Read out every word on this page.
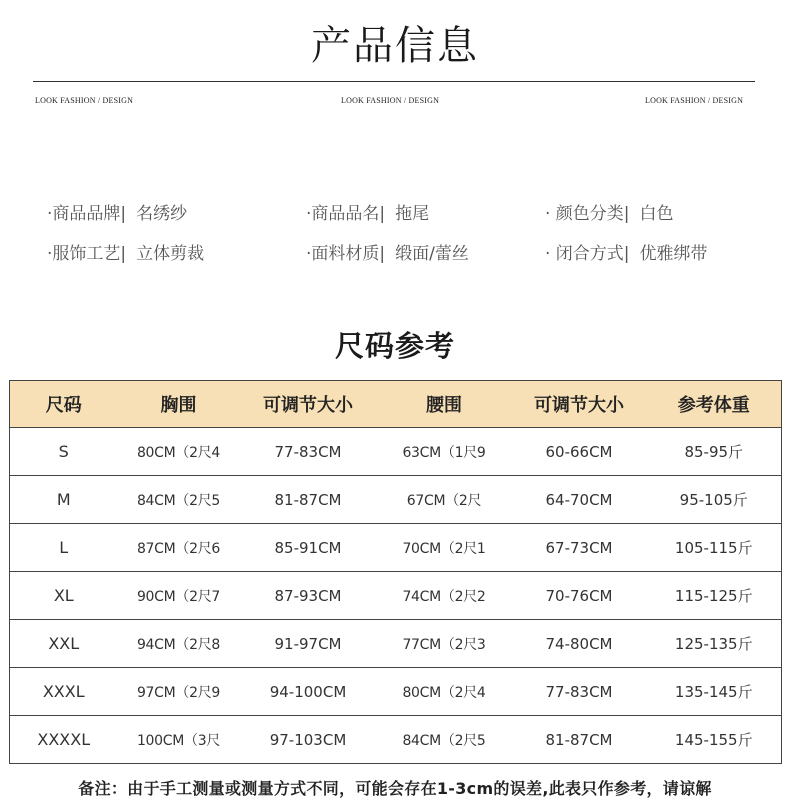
产品信息
LOOK FASHION / DESIGN	LOOK FASHION / DESIGN	LOOK FASHION / DESIGN
·商品品牌| 名绣纱	·商品品名| 拖尾	· 颜色分类| 白色
·服饰工艺| 立体剪裁	·面料材质| 缎面/蕾丝	· 闭合方式| 优雅绑带
尺码参考
尺码	胸围	可调节大小	腰围	可调节大小	参考体重
S	80CM（2尺4	77-83CM	63CM（1尺9	60-66CM	85-95斤
M	84CM（2尺5	81-87CM	67CM（2尺	64-70CM	95-105斤
L	87CM（2尺6	85-91CM	70CM（2尺1	67-73CM	105-115斤
XL	90CM（2尺7	87-93CM	74CM（2尺2	70-76CM	115-125斤
XXL	94CM（2尺8	91-97CM	77CM（2尺3	74-80CM	125-135斤
XXXL	97CM（2尺9	94-100CM	80CM（2尺4	77-83CM	135-145斤
XXXXL	100CM（3尺	97-103CM	84CM（2尺5	81-87CM	145-155斤
备注：由于手工测量或测量方式不同，可能会存在1-3cm的误差,此表只作参考，请谅解
